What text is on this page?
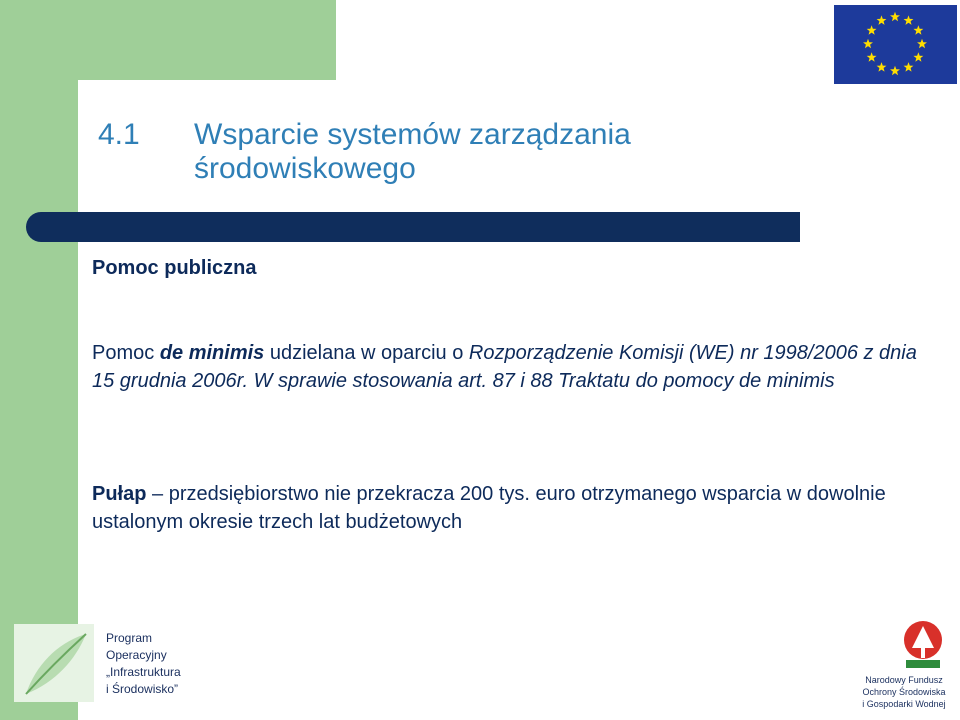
4.1 Wsparcie systemów zarządzania środowiskowego
Pomoc publiczna
Pomoc de minimis udzielana w oparciu o Rozporządzenie Komisji (WE) nr 1998/2006 z dnia 15 grudnia 2006r. W sprawie stosowania art. 87 i 88 Traktatu do pomocy de minimis
Pułap – przedsiębiorstwo nie przekracza 200 tys. euro otrzymanego wsparcia w dowolnie ustalonym okresie trzech lat budżetowych
Program
Operacyjny
„Infrastruktura
i Środowisko”
Narodowy Fundusz
Ochrony Środowiska
i Gospodarki Wodnej
